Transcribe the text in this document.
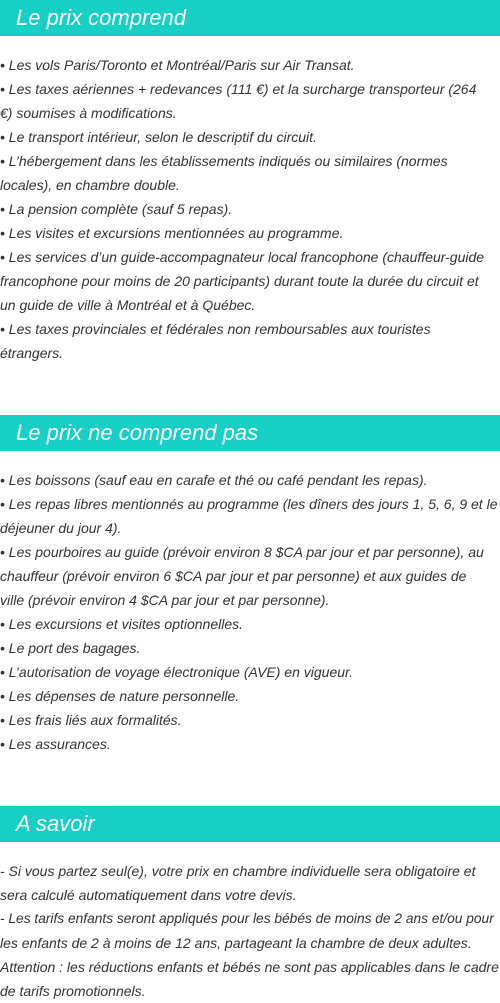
Le prix comprend
• Les vols Paris/Toronto et Montréal/Paris sur Air Transat.
• Les taxes aériennes + redevances (111 €) et la surcharge transporteur (264
€) soumises à modifications.
• Le transport intérieur, selon le descriptif du circuit.
• L’hébergement dans les établissements indiqués ou similaires (normes
locales), en chambre double.
• La pension complète (sauf 5 repas).
• Les visites et excursions mentionnées au programme.
• Les services d’un guide-accompagnateur local francophone (chauffeur-guide
francophone pour moins de 20 participants) durant toute la durée du circuit et
un guide de ville à Montréal et à Québec.
• Les taxes provinciales et fédérales non remboursables aux touristes
étrangers.
Le prix ne comprend pas
• Les boissons (sauf eau en carafe et thé ou café pendant les repas).
• Les repas libres mentionnés au programme (les dîners des jours 1, 5, 6, 9 et le
déjeuner du jour 4).
• Les pourboires au guide (prévoir environ 8 $CA par jour et par personne), au
chauffeur (prévoir environ 6 $CA par jour et par personne) et aux guides de
ville (prévoir environ 4 $CA par jour et par personne).
• Les excursions et visites optionnelles.
• Le port des bagages.
• L’autorisation de voyage électronique (AVE) en vigueur.
• Les dépenses de nature personnelle.
• Les frais liés aux formalités.
• Les assurances.
A savoir
- Si vous partez seul(e), votre prix en chambre individuelle sera obligatoire et
sera calculé automatiquement dans votre devis.
- Les tarifs enfants seront appliqués pour les bébés de moins de 2 ans et/ou pour
les enfants de 2 à moins de 12 ans, partageant la chambre de deux adultes.
Attention : les réductions enfants et bébés ne sont pas applicables dans le cadre
de tarifs promotionnels.
